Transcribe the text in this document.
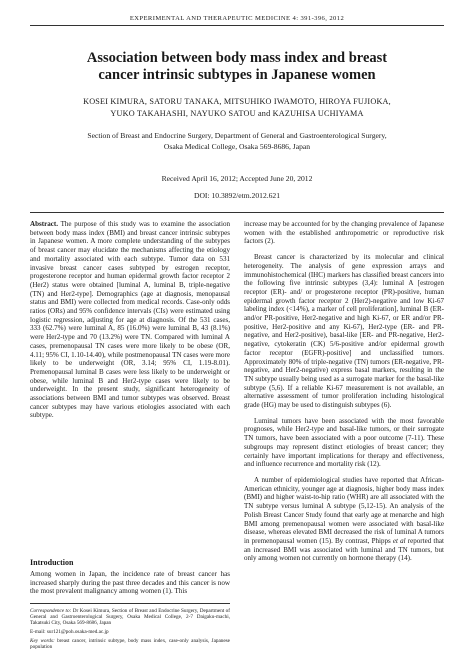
EXPERIMENTAL AND THERAPEUTIC MEDICINE 4: 391-396, 2012
Association between body mass index and breast
cancer intrinsic subtypes in Japanese women
KOSEI KIMURA, SATORU TANAKA, MITSUHIKO IWAMOTO, HIROYA FUJIOKA,
YUKO TAKAHASHI, NAYUKO SATOU and KAZUHISA UCHIYAMA
Section of Breast and Endocrine Surgery, Department of General and Gastroenterological Surgery,
Osaka Medical College, Osaka 569-8686, Japan
Received April 16, 2012; Accepted June 20, 2012
DOI: 10.3892/etm.2012.621

Abstract. The purpose of this study was to examine the association between body mass index (BMI) and breast cancer intrinsic subtypes in Japanese women. A more complete understanding of the subtypes of breast cancer may elucidate the mechanisms affecting the etiology and mortality associated with each subtype. Tumor data on 531 invasive breast cancer cases subtyped by estrogen receptor, progesterone receptor and human epidermal growth factor receptor 2 (Her2) status were obtained [luminal A, luminal B, triple-negative (TN) and Her2-type]. Demographics (age at diagnosis, menopausal status and BMI) were collected from medical records. Case-only odds ratios (ORs) and 95% confidence intervals (CIs) were estimated using logistic regression, adjusting for age at diagnosis. Of the 531 cases, 333 (62.7%) were luminal A, 85 (16.0%) were luminal B, 43 (8.1%) were Her2-type and 70 (13.2%) were TN. Compared with luminal A cases, premenopausal TN cases were more likely to be obese (OR, 4.11; 95% CI, 1.10-14.40), while postmenopausal TN cases were more likely to be underweight (OR, 3.14; 95% CI, 1.19-8.01). Premenopausal luminal B cases were less likely to be underweight or obese, while luminal B and Her2-type cases were likely to be underweight. In the present study, significant heterogeneity of associations between BMI and tumor subtypes was observed. Breast cancer subtypes may have various etiologies associated with each subtype.

Introduction
Among women in Japan, the incidence rate of breast cancer has increased sharply during the past three decades and this cancer is now the most prevalent malignancy among women (1). This

increase may be accounted for by the changing prevalence of Japanese women with the established anthropometric or reproductive risk factors (2).

Breast cancer is characterized by its molecular and clinical heterogeneity. The analysis of gene expression arrays and immunohistochemical (IHC) markers has classified breast cancers into the following five intrinsic subtypes (3,4): luminal A [estrogen receptor (ER)- and/ or progesterone receptor (PR)-positive, human epidermal growth factor receptor 2 (Her2)-negative and low Ki-67 labeling index (<14%), a marker of cell proliferation], luminal B (ER- and/or PR-positive, Her2-negative and high Ki-67, or ER and/or PR-positive, Her2-positive and any Ki-67), Her2-type (ER- and PR-negative, and Her2-positive), basal-like [ER- and PR-negative, Her2-negative, cytokeratin (CK) 5/6-positive and/or epidermal growth factor receptor (EGFR)-positive] and unclassified tumors. Approximately 80% of triple-negative (TN) tumors (ER-negative, PR-negative, and Her2-negative) express basal markers, resulting in the TN subtype usually being used as a surrogate marker for the basal-like subtype (5,6). If a reliable Ki-67 measurement is not available, an alternative assessment of tumor proliferation including histological grade (HG) may be used to distinguish subtypes (6).

Luminal tumors have been associated with the most favorable prognoses, while Her2-type and basal-like tumors, or their surrogate TN tumors, have been associated with a poor outcome (7-11). These subgroups may represent distinct etiologies of breast cancer; they certainly have important implications for therapy and effectiveness, and influence recurrence and mortality risk (12).

A number of epidemiological studies have reported that African-American ethnicity, younger age at diagnosis, higher body mass index (BMI) and higher waist-to-hip ratio (WHR) are all associated with the TN subtype versus luminal A subtype (5,12-15). An analysis of the Polish Breast Cancer Study found that early age at menarche and high BMI among premenopausal women were associated with basal-like disease, whereas elevated BMI decreased the risk of luminal A tumors in premenopausal women (15). By contrast, Phipps et al reported that an increased BMI was associated with luminal and TN tumors, but only among women not currently on hormone therapy (14).

Correspondence to: Dr Kosei Kimura, Section of Breast and Endocrine Surgery, Department of General and Gastroenterological Surgery, Osaka Medical College, 2-7 Daigaku-machi, Takatsuki City, Osaka 569-8686, Japan

E-mail: sur121@poh.osaka-med.ac.jp

Key words: breast cancer, intrinsic subtype, body mass index, case-only analysis, Japanese population
